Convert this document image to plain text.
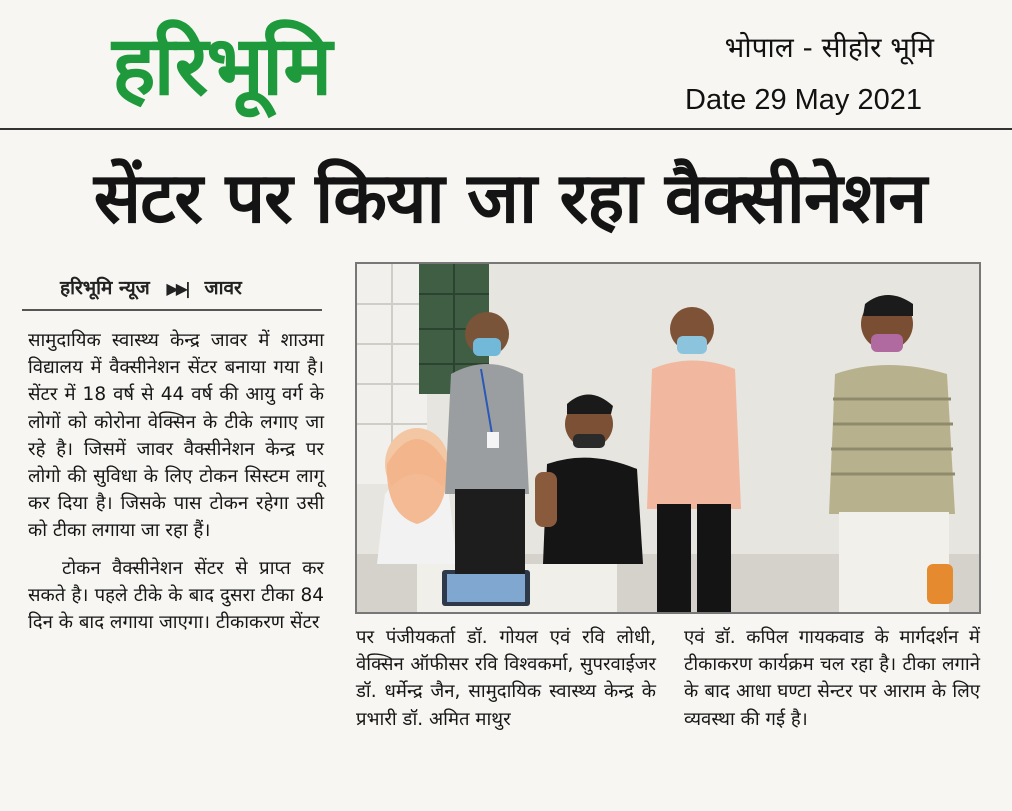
हरिभूमि	भोपाल - सीहोर भूमि
Date 29 May 2021
सेंटर पर किया जा रहा वैक्सीनेशन
हरिभूमि न्यूज ▶▶| जावर

सामुदायिक स्वास्थ्य केन्द्र जावर में शाउमा विद्यालय में वैक्सीनेशन सेंटर बनाया गया है। सेंटर में 18 वर्ष से 44 वर्ष की आयु वर्ग के लोगों को कोरोना वेक्सिन के टीके लगाए जा रहे है। जिसमें जावर वैक्सीनेशन केन्द्र पर लोगो की सुविधा के लिए टोकन सिस्टम लागू कर दिया है। जिसके पास टोकन रहेगा उसी को टीका लगाया जा रहा हैं।

टोकन वैक्सीनेशन सेंटर से प्राप्त कर सकते है। पहले टीके के बाद दुसरा टीका 84 दिन के बाद लगाया जाएगा। टीकाकरण सेंटर

पर पंजीयकर्ता डॉ. गोयल एवं रवि लोधी, वेक्सिन ऑफीसर रवि विश्वकर्मा, सुपरवाईजर डॉ. धर्मेन्द्र जैन, सामुदायिक स्वास्थ्य केन्द्र के प्रभारी डॉ. अमित माथुर

एवं डॉ. कपिल गायकवाड के मार्गदर्शन में टीकाकरण कार्यक्रम चल रहा है। टीका लगाने के बाद आधा घण्टा सेन्टर पर आराम के लिए व्यवस्था की गई है।
